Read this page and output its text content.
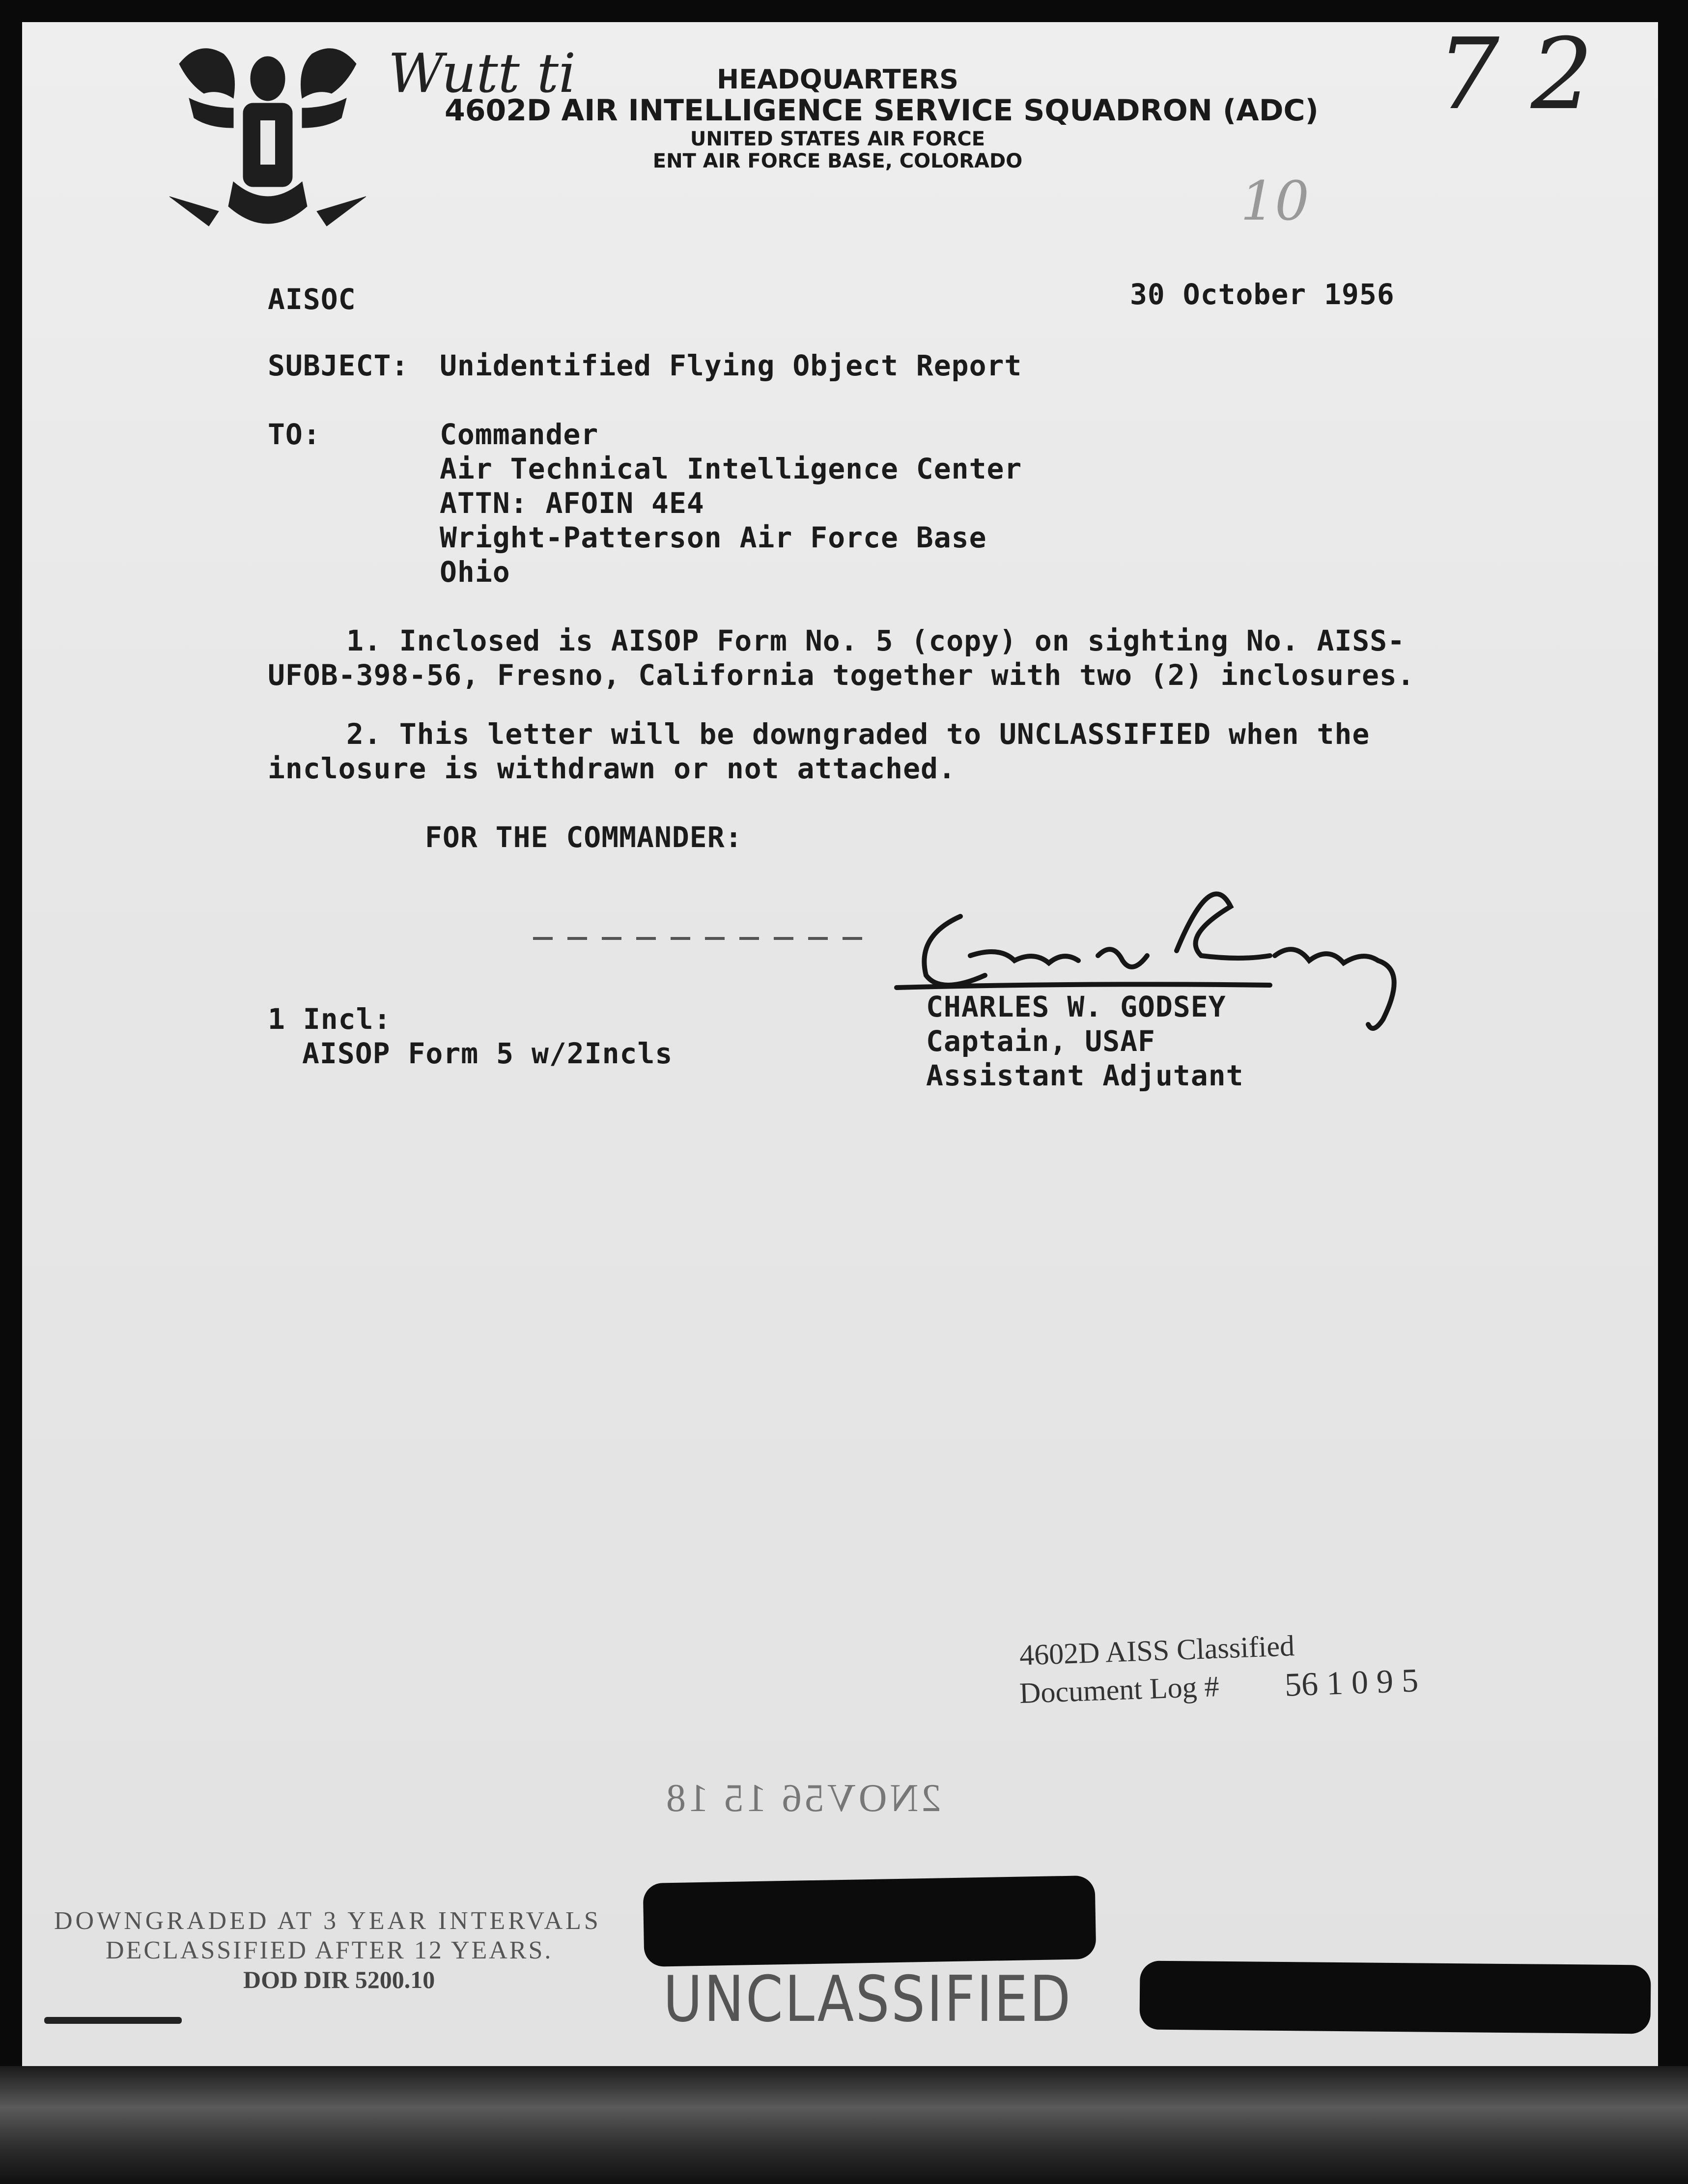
Wutt ti	7 2
10
HEADQUARTERS
4602D AIR INTELLIGENCE SERVICE SQUADRON (ADC)
UNITED STATES AIR FORCE
ENT AIR FORCE BASE, COLORADO
AISOC	30 October 1956
SUBJECT: Unidentified Flying Object Report
TO:	Commander
Air Technical Intelligence Center
ATTN: AFOIN 4E4
Wright-Patterson Air Force Base
Ohio
1. Inclosed is AISOP Form No. 5 (copy) on sighting No. AISS-
UFOB-398-56, Fresno, California together with two (2) inclosures.
2. This letter will be downgraded to UNCLASSIFIED when the
inclosure is withdrawn or not attached.
FOR THE COMMANDER:
1 Incl:
AISOP Form 5 w/2Incls
CHARLES W. GODSEY
Captain, USAF
Assistant Adjutant
4602D AISS Classified
Document Log # 56 1 0 9 5
2NOV56 15 18
DOWNGRADED AT 3 YEAR INTERVALS
DECLASSIFIED AFTER 12 YEARS.
DOD DIR 5200.10	UNCLASSIFIED
